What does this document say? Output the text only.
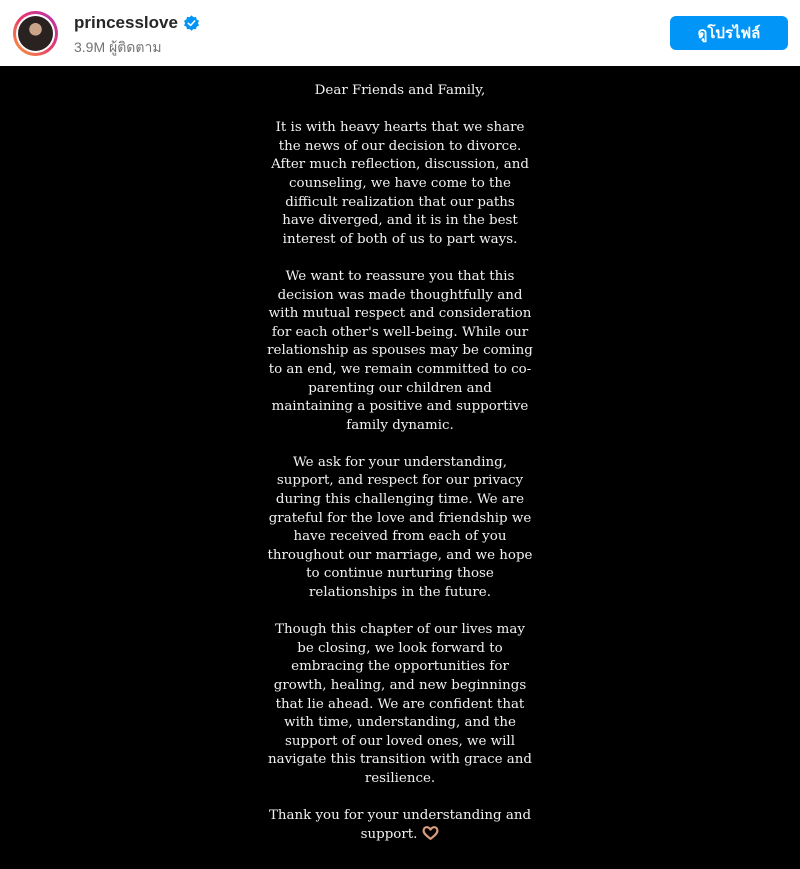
princesslove
3.9M ผู้ติดตาม
ดูโปรไฟล์

Dear Friends and Family,

It is with heavy hearts that we share
the news of our decision to divorce.
After much reflection, discussion, and
counseling, we have come to the
difficult realization that our paths
have diverged, and it is in the best
interest of both of us to part ways.

We want to reassure you that this
decision was made thoughtfully and
with mutual respect and consideration
for each other's well-being. While our
relationship as spouses may be coming
to an end, we remain committed to co-
parenting our children and
maintaining a positive and supportive
family dynamic.

We ask for your understanding,
support, and respect for our privacy
during this challenging time. We are
grateful for the love and friendship we
have received from each of you
throughout our marriage, and we hope
to continue nurturing those
relationships in the future.

Though this chapter of our lives may
be closing, we look forward to
embracing the opportunities for
growth, healing, and new beginnings
that lie ahead. We are confident that
with time, understanding, and the
support of our loved ones, we will
navigate this transition with grace and
resilience.

Thank you for your understanding and
support.
